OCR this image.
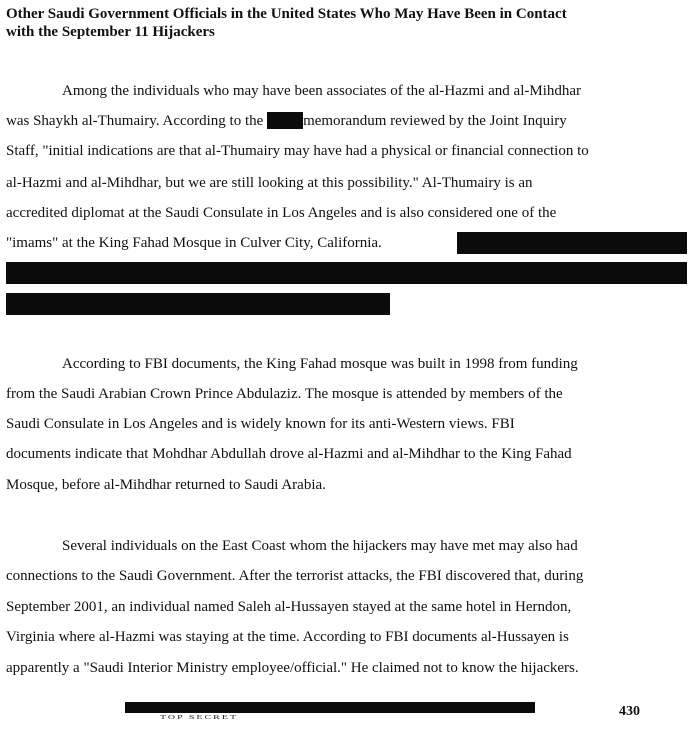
Other Saudi Government Officials in the United States Who May Have Been in Contact
with the September 11 Hijackers
Among the individuals who may have been associates of the al-Hazmi and al-Mihdhar
was Shaykh al-Thumairy. According to the	memorandum reviewed by the Joint Inquiry
Staff, "initial indications are that al-Thumairy may have had a physical or financial connection to
al-Hazmi and al-Mihdhar, but we are still looking at this possibility." Al-Thumairy is an
accredited diplomat at the Saudi Consulate in Los Angeles and is also considered one of the
"imams" at the King Fahad Mosque in Culver City, California.
According to FBI documents, the King Fahad mosque was built in 1998 from funding
from the Saudi Arabian Crown Prince Abdulaziz. The mosque is attended by members of the
Saudi Consulate in Los Angeles and is widely known for its anti-Western views. FBI
documents indicate that Mohdhar Abdullah drove al-Hazmi and al-Mihdhar to the King Fahad
Mosque, before al-Mihdhar returned to Saudi Arabia.
Several individuals on the East Coast whom the hijackers may have met may also had
connections to the Saudi Government. After the terrorist attacks, the FBI discovered that, during
September 2001, an individual named Saleh al-Hussayen stayed at the same hotel in Herndon,
Virginia where al-Hazmi was staying at the time. According to FBI documents al-Hussayen is
apparently a "Saudi Interior Ministry employee/official." He claimed not to know the hijackers.
TOP SECRET	430
